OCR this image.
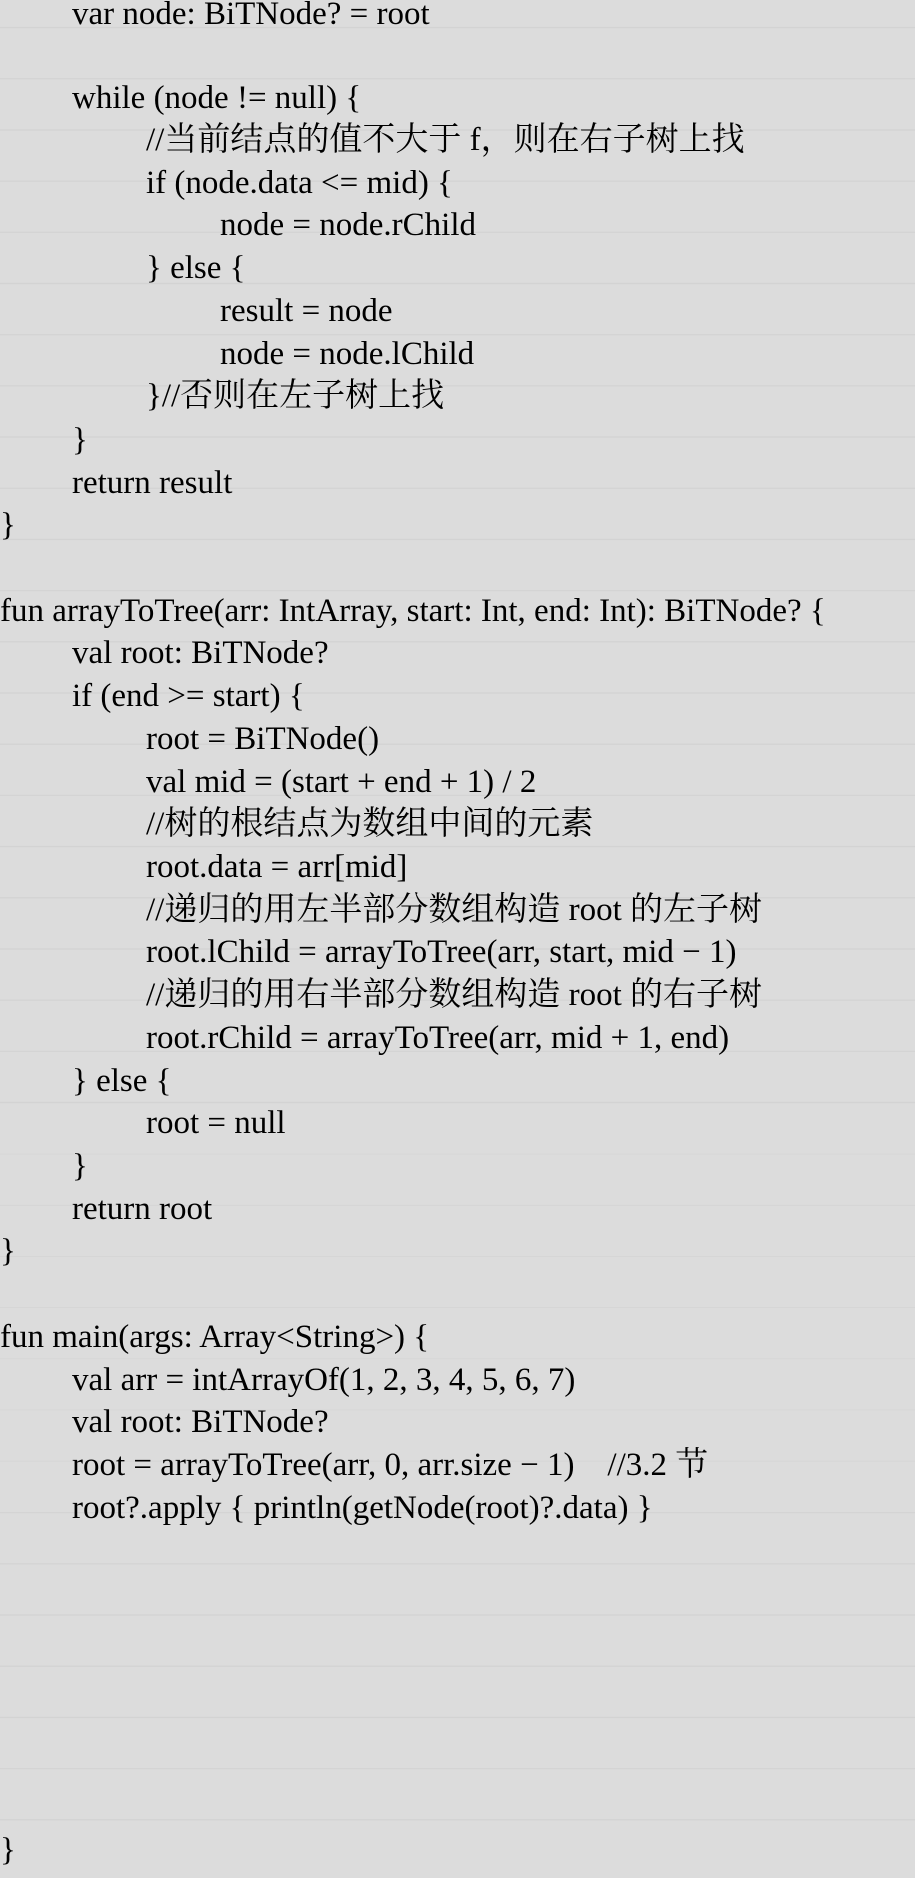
var node: BiTNode? = root
while (node != null) {
//当前结点的值不大于 f，则在右子树上找
if (node.data <= mid) {
node = node.rChild
} else {
result = node
node = node.lChild
}//否则在左子树上找
}
return result
}
fun arrayToTree(arr: IntArray, start: Int, end: Int): BiTNode? {
val root: BiTNode?
if (end >= start) {
root = BiTNode()
val mid = (start + end + 1) / 2
//树的根结点为数组中间的元素
root.data = arr[mid]
//递归的用左半部分数组构造 root 的左子树
root.lChild = arrayToTree(arr, start, mid − 1)
//递归的用右半部分数组构造 root 的右子树
root.rChild = arrayToTree(arr, mid + 1, end)
} else {
root = null
}
return root
}
fun main(args: Array<String>) {
val arr = intArrayOf(1, 2, 3, 4, 5, 6, 7)
val root: BiTNode?
root = arrayToTree(arr, 0, arr.size − 1)    //3.2 节
root?.apply { println(getNode(root)?.data) }
}
